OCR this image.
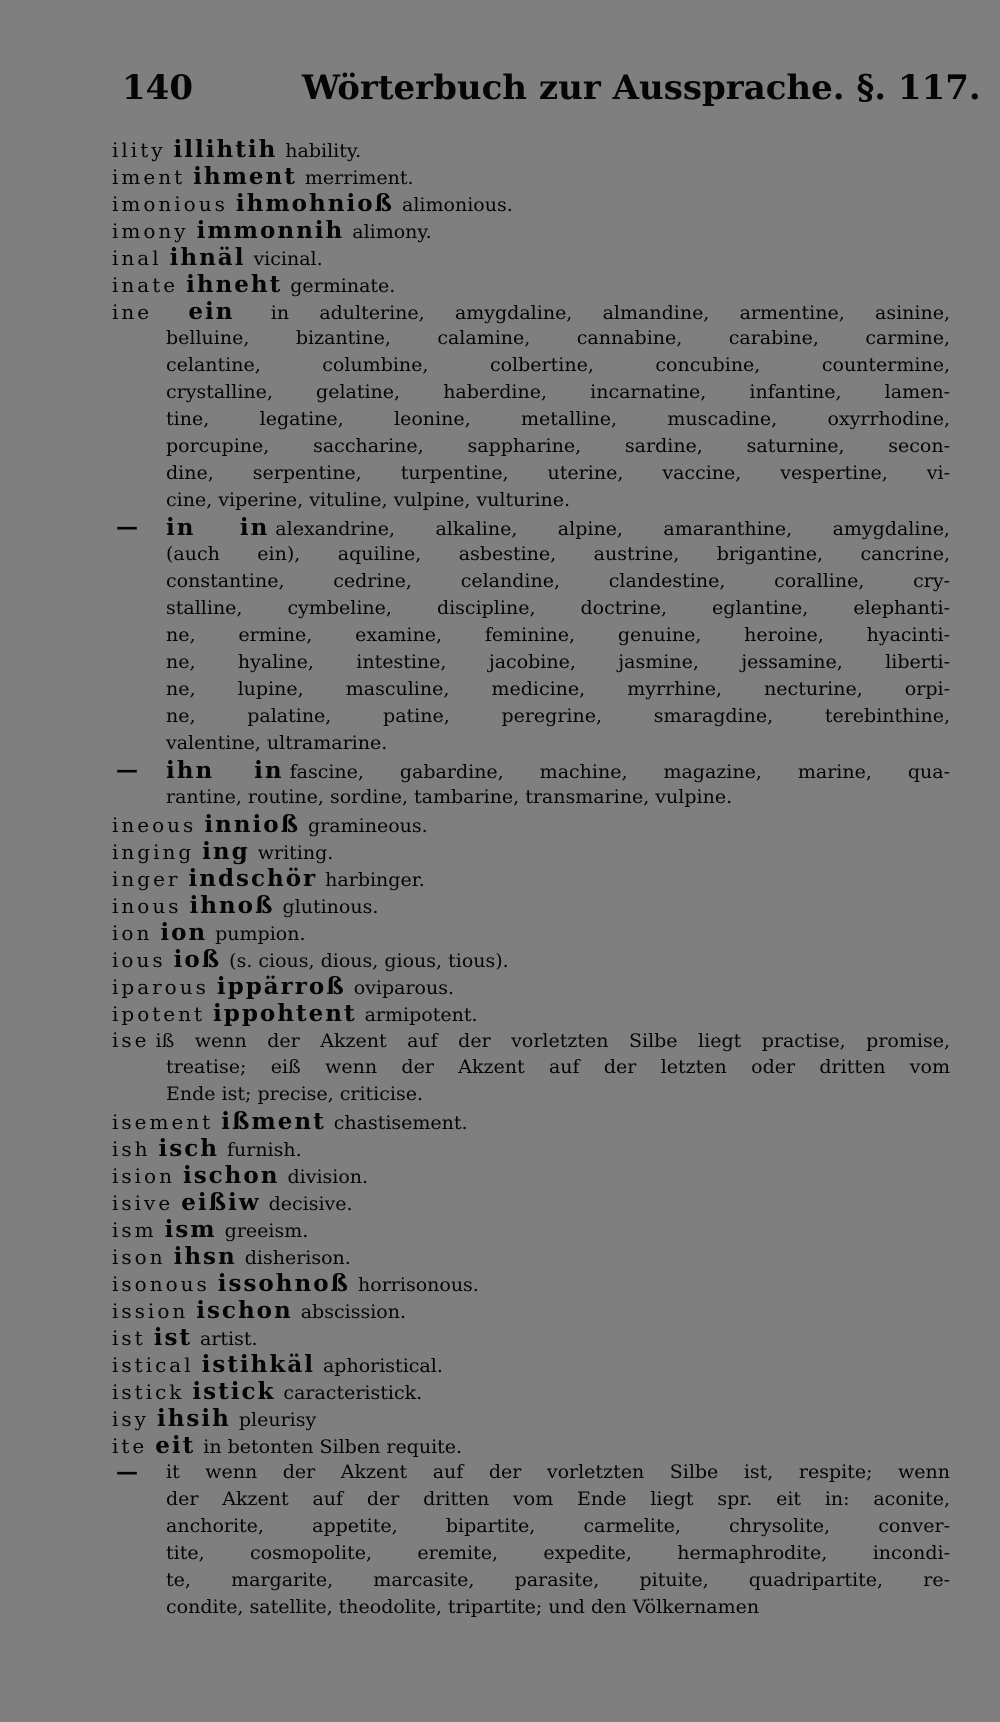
140	Wörterbuch zur Aussprache. §. 117.
ility illihtih hability.
iment ihment merriment.
imonious ihmohnioß alimonious.
imony immonnih alimony.
inal ihnäl vicinal.
inate ihneht germinate.
ine ein in adulterine, amygdaline, almandine, armentine, asinine,
belluine, bizantine, calamine, cannabine, carabine, carmine,
celantine, columbine, colbertine, concubine, countermine,
crystalline, gelatine, haberdine, incarnatine, infantine, lamen-
tine, legatine, leonine, metalline, muscadine, oxyrrhodine,
porcupine, saccharine, sappharine, sardine, saturnine, secon-
dine, serpentine, turpentine, uterine, vaccine, vespertine, vi-
cine, viperine, vituline, vulpine, vulturine.
— in in alexandrine, alkaline, alpine, amaranthine, amygdaline,
(auch ein), aquiline, asbestine, austrine, brigantine, cancrine,
constantine, cedrine, celandine, clandestine, coralline, cry-
stalline, cymbeline, discipline, doctrine, eglantine, elephanti-
ne, ermine, examine, feminine, genuine, heroine, hyacinti-
ne, hyaline, intestine, jacobine, jasmine, jessamine, liberti-
ne, lupine, masculine, medicine, myrrhine, necturine, orpi-
ne, palatine, patine, peregrine, smaragdine, terebinthine,
valentine, ultramarine.
— ihn in fascine, gabardine, machine, magazine, marine, qua-
rantine, routine, sordine, tambarine, transmarine, vulpine.
ineous innioß gramineous.
inging ing writing.
inger indschör harbinger.
inous ihnoß glutinous.
ion ion pumpion.
ious ioß (s. cious, dious, gious, tious).
iparous ippärroß oviparous.
ipotent ippohtent armipotent.
ise iß wenn der Akzent auf der vorletzten Silbe liegt practise, promise,
treatise; eiß wenn der Akzent auf der letzten oder dritten vom
Ende ist; precise, criticise.
isement ißment chastisement.
ish isch furnish.
ision ischon division.
isive eißiw decisive.
ism ism greeism.
ison ihsn disherison.
isonous issohnoß horrisonous.
ission ischon abscission.
ist ist artist.
istical istihkäl aphoristical.
istick istick caracteristick.
isy ihsih pleurisy
ite eit in betonten Silben requite.
— it wenn der Akzent auf der vorletzten Silbe ist, respite; wenn
der Akzent auf der dritten vom Ende liegt spr. eit in: aconite,
anchorite, appetite, bipartite, carmelite, chrysolite, conver-
tite, cosmopolite, eremite, expedite, hermaphrodite, incondi-
te, margarite, marcasite, parasite, pituite, quadripartite, re-
condite, satellite, theodolite, tripartite; und den Völkernamen
